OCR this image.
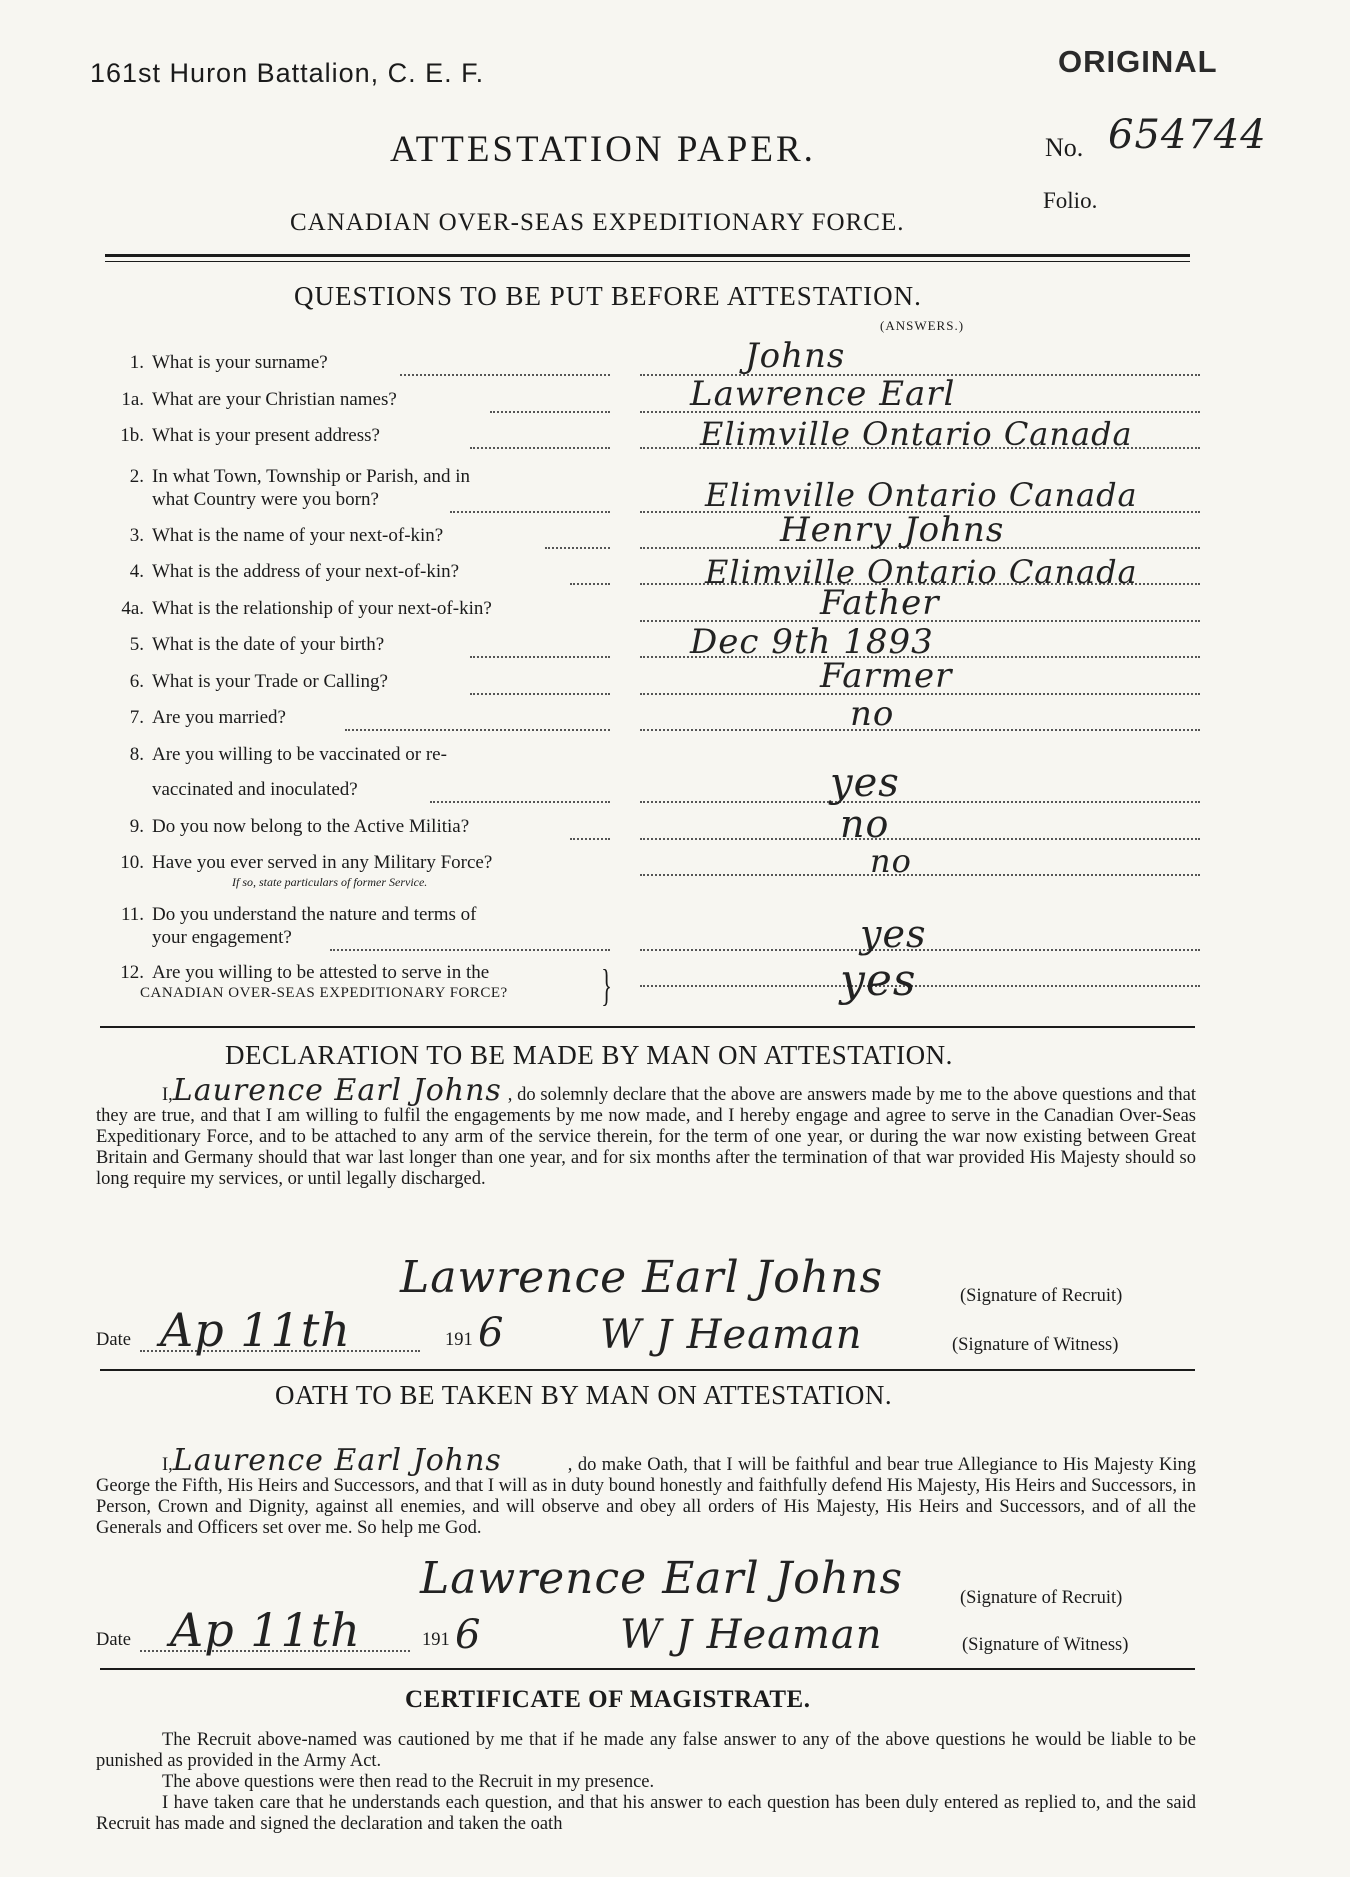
161st Huron Battalion, C. E. F.	ORIGINAL
ATTESTATION PAPER.	No. 654744
Folio.
CANADIAN OVER-SEAS EXPEDITIONARY FORCE.
QUESTIONS TO BE PUT BEFORE ATTESTATION.
(ANSWERS.)
1. What is your surname?	Johns
1a. What are your Christian names?	Lawrence Earl
1b. What is your present address?	Elimville Ontario Canada
2. In what Town, Township or Parish, and in
what Country were you born?	Elimville Ontario Canada
3. What is the name of your next-of-kin?	Henry Johns
4. What is the address of your next-of-kin?	Elimville Ontario Canada
4a. What is the relationship of your next-of-kin?	Father
5. What is the date of your birth?	Dec 9th 1893
6. What is your Trade or Calling?	Farmer
7. Are you married?	no
8. Are you willing to be vaccinated or re-
vaccinated and inoculated?	yes
9. Do you now belong to the Active Militia?	no
10. Have you ever served in any Military Force?
If so, state particulars of former Service.
no
11. Do you understand the nature and terms of
your engagement?	yes
12. Are you willing to be attested to serve in the
CANADIAN OVER-SEAS EXPEDITIONARY FORCE? }	yes
DECLARATION TO BE MADE BY MAN ON ATTESTATION.
I,Laurence Earl Johns , do solemnly declare that the above are answers made by me to the above questions and that they are true, and that I am willing to fulfil the engagements by me now made, and I hereby engage and agree to serve in the Canadian Over-Seas Expeditionary Force, and to be attached to any arm of the service therein, for the term of one year, or during the war now existing between Great Britain and Germany should that war last longer than one year, and for six months after the termination of that war provided His Majesty should so long require my services, or until legally discharged.
Lawrence Earl Johns	(Signature of Recruit)
Date Ap 11th	191 6 W J Heaman	(Signature of Witness)
OATH TO BE TAKEN BY MAN ON ATTESTATION.
I,Laurence Earl Johns	, do make Oath, that I will be faithful and bear true Allegiance to His Majesty King George the Fifth, His Heirs and Successors, and that I will as in duty bound honestly and faithfully defend His Majesty, His Heirs and Successors, in Person, Crown and Dignity, against all enemies, and will observe and obey all orders of His Majesty, His Heirs and Successors, and of all the Generals and Officers set over me. So help me God.
Lawrence Earl Johns	(Signature of Recruit)
Date Ap 11th	191 6	W J Heaman	(Signature of Witness)
CERTIFICATE OF MAGISTRATE.
The Recruit above-named was cautioned by me that if he made any false answer to any of the above questions he would be liable to be punished as provided in the Army Act.
The above questions were then read to the Recruit in my presence.
I have taken care that he understands each question, and that his answer to each question has been duly entered as replied to, and the said Recruit has made and signed the declaration and taken the oath
